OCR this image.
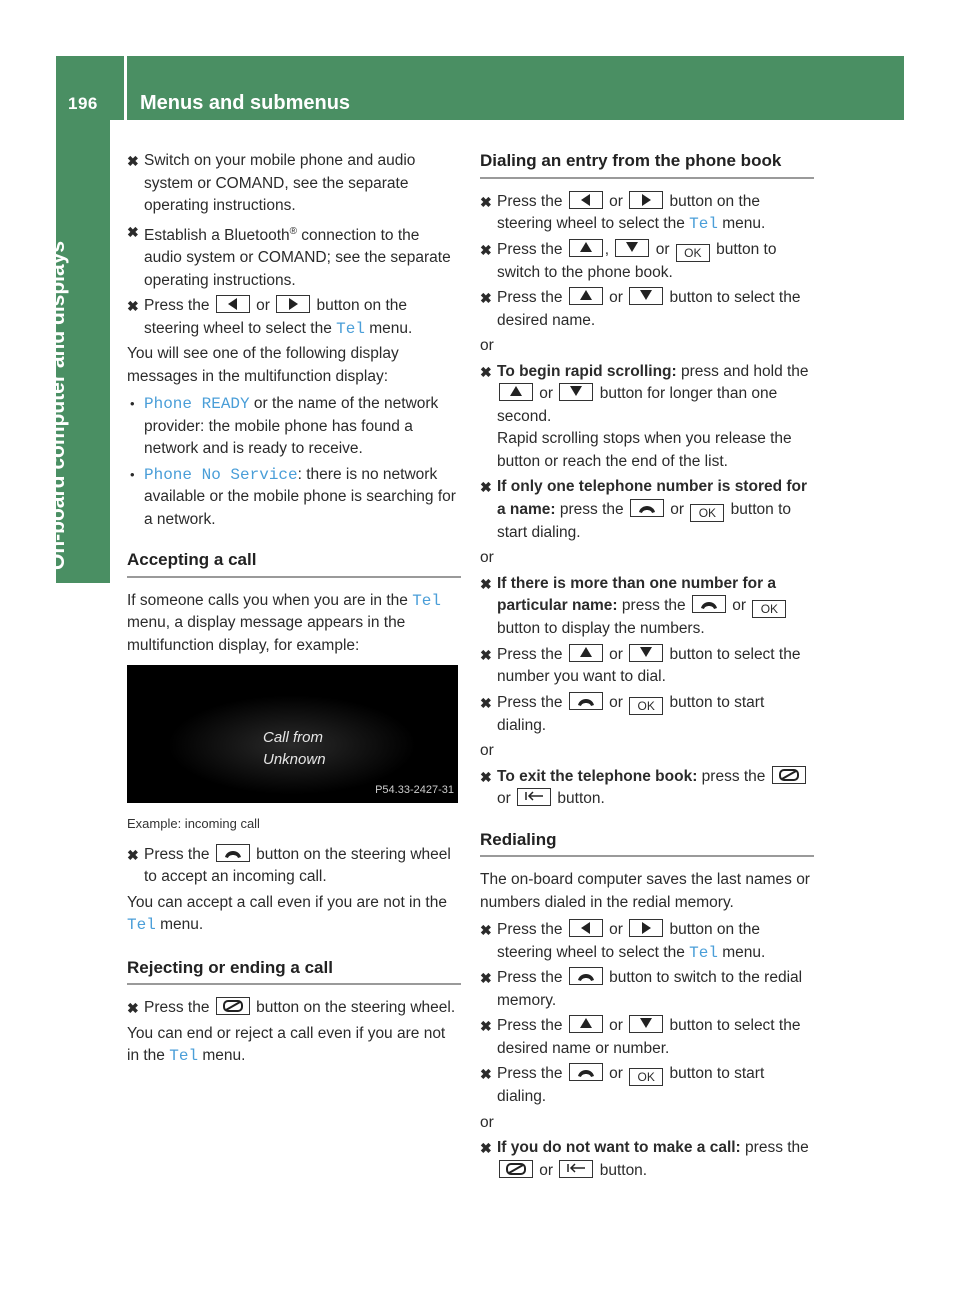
196 Menus and submenus
On-board computer and displays
✖ Switch on your mobile phone and audio system or COMAND, see the separate operating instructions.
✖ Establish a Bluetooth® connection to the audio system or COMAND; see the separate operating instructions.
✖ Press the
or
button on the steering wheel to select the Tel menu.
You will see one of the following display messages in the multifunction display:
• Phone READY or the name of the network provider: the mobile phone has found a network and is ready to receive.
• Phone No Service: there is no network available or the mobile phone is searching for a network.
Accepting a call
If someone calls you when you are in the Tel menu, a display message appears in the multifunction display, for example:
Call from
Unknown
P54.33-2427-31
Example: incoming call
✖ Press the
button on the steering wheel to accept an incoming call.
You can accept a call even if you are not in the Tel menu.
Rejecting or ending a call
✖ Press the
button on the steering wheel.
You can end or reject a call even if you are not in the Tel menu.
Dialing an entry from the phone book
✖ Press the
or
button on the steering wheel to select the Tel menu.
✖ Press the
,
or OK button to switch to the phone book.
✖ Press the
or
button to select the desired name.
or
✖ To begin rapid scrolling: press and hold the
or
button for longer than one second.
Rapid scrolling stops when you release the button or reach the end of the list.
✖ If only one telephone number is stored for a name: press the
or OK button to start dialing.
or
✖ If there is more than one number for a particular name: press the
or OK button to display the numbers.
✖ Press the
or
button to select the number you want to dial.
✖ Press the
or OK button to start dialing.
or
✖ To exit the telephone book: press the
or
button.
Redialing
The on-board computer saves the last names or numbers dialed in the redial memory.
✖ Press the
or
button on the steering wheel to select the Tel menu.
✖ Press the
button to switch to the redial memory.
✖ Press the
or
button to select the desired name or number.
✖ Press the
or OK button to start dialing.
or
✖ If you do not want to make a call: press the
or
button.
